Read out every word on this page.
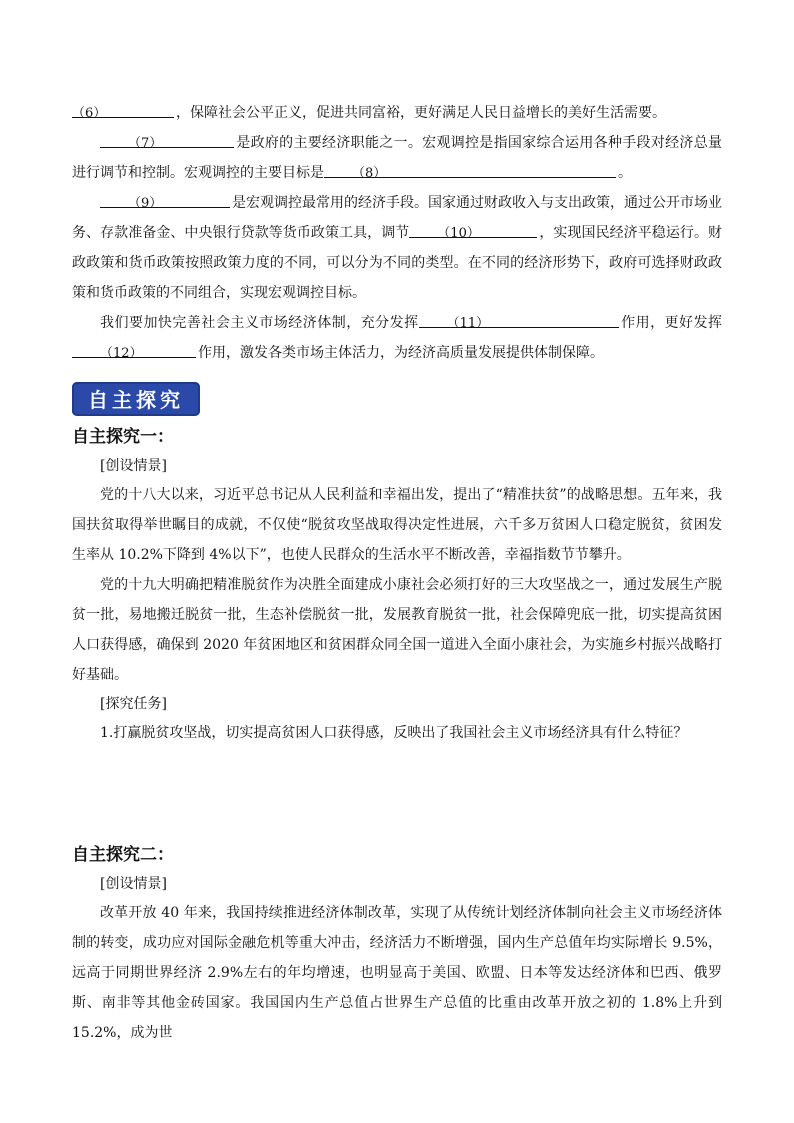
（6）	，保障社会公平正义，促进共同富裕，更好满足人民日益增长的美好生活需要。

（7）	是政府的主要经济职能之一。宏观调控是指国家综合运用各种手段对经济总量进行调节和控制。宏观调控的主要目标是 （8）	。

（9）	是宏观调控最常用的经济手段。国家通过财政收入与支出政策，通过公开市场业务、存款准备金、中央银行贷款等货币政策工具，调节 （10）	，实现国民经济平稳运行。财政政策和货币政策按照政策力度的不同，可以分为不同的类型。在不同的经济形势下，政府可选择财政政策和货币政策的不同组合，实现宏观调控目标。

我们要加快完善社会主义市场经济体制，充分发挥 （11）	作用，更好发挥（12）	作用，激发各类市场主体活力，为经济高质量发展提供体制保障。

自主探究
自主探究一：
[创设情景]

党的十八大以来，习近平总书记从人民利益和幸福出发，提出了“精准扶贫”的战略思想。五年来，我国扶贫取得举世瞩目的成就，不仅使“脱贫攻坚战取得决定性进展，六千多万贫困人口稳定脱贫，贫困发生率从 10.2%下降到 4%以下”，也使人民群众的生活水平不断改善，幸福指数节节攀升。

党的十九大明确把精准脱贫作为决胜全面建成小康社会必须打好的三大攻坚战之一，通过发展生产脱贫一批，易地搬迁脱贫一批，生态补偿脱贫一批，发展教育脱贫一批，社会保障兜底一批，切实提高贫困人口获得感，确保到 2020 年贫困地区和贫困群众同全国一道进入全面小康社会，为实施乡村振兴战略打好基础。

[探究任务]

1.打赢脱贫攻坚战，切实提高贫困人口获得感，反映出了我国社会主义市场经济具有什么特征？

自主探究二：
[创设情景]

改革开放 40 年来，我国持续推进经济体制改革，实现了从传统计划经济体制向社会主义市场经济体制的转变，成功应对国际金融危机等重大冲击，经济活力不断增强，国内生产总值年均实际增长 9.5%，远高于同期世界经济 2.9%左右的年均增速，也明显高于美国、欧盟、日本等发达经济体和巴西、俄罗斯、南非等其他金砖国家。我国国内生产总值占世界生产总值的比重由改革开放之初的 1.8%上升到 15.2%，成为世
